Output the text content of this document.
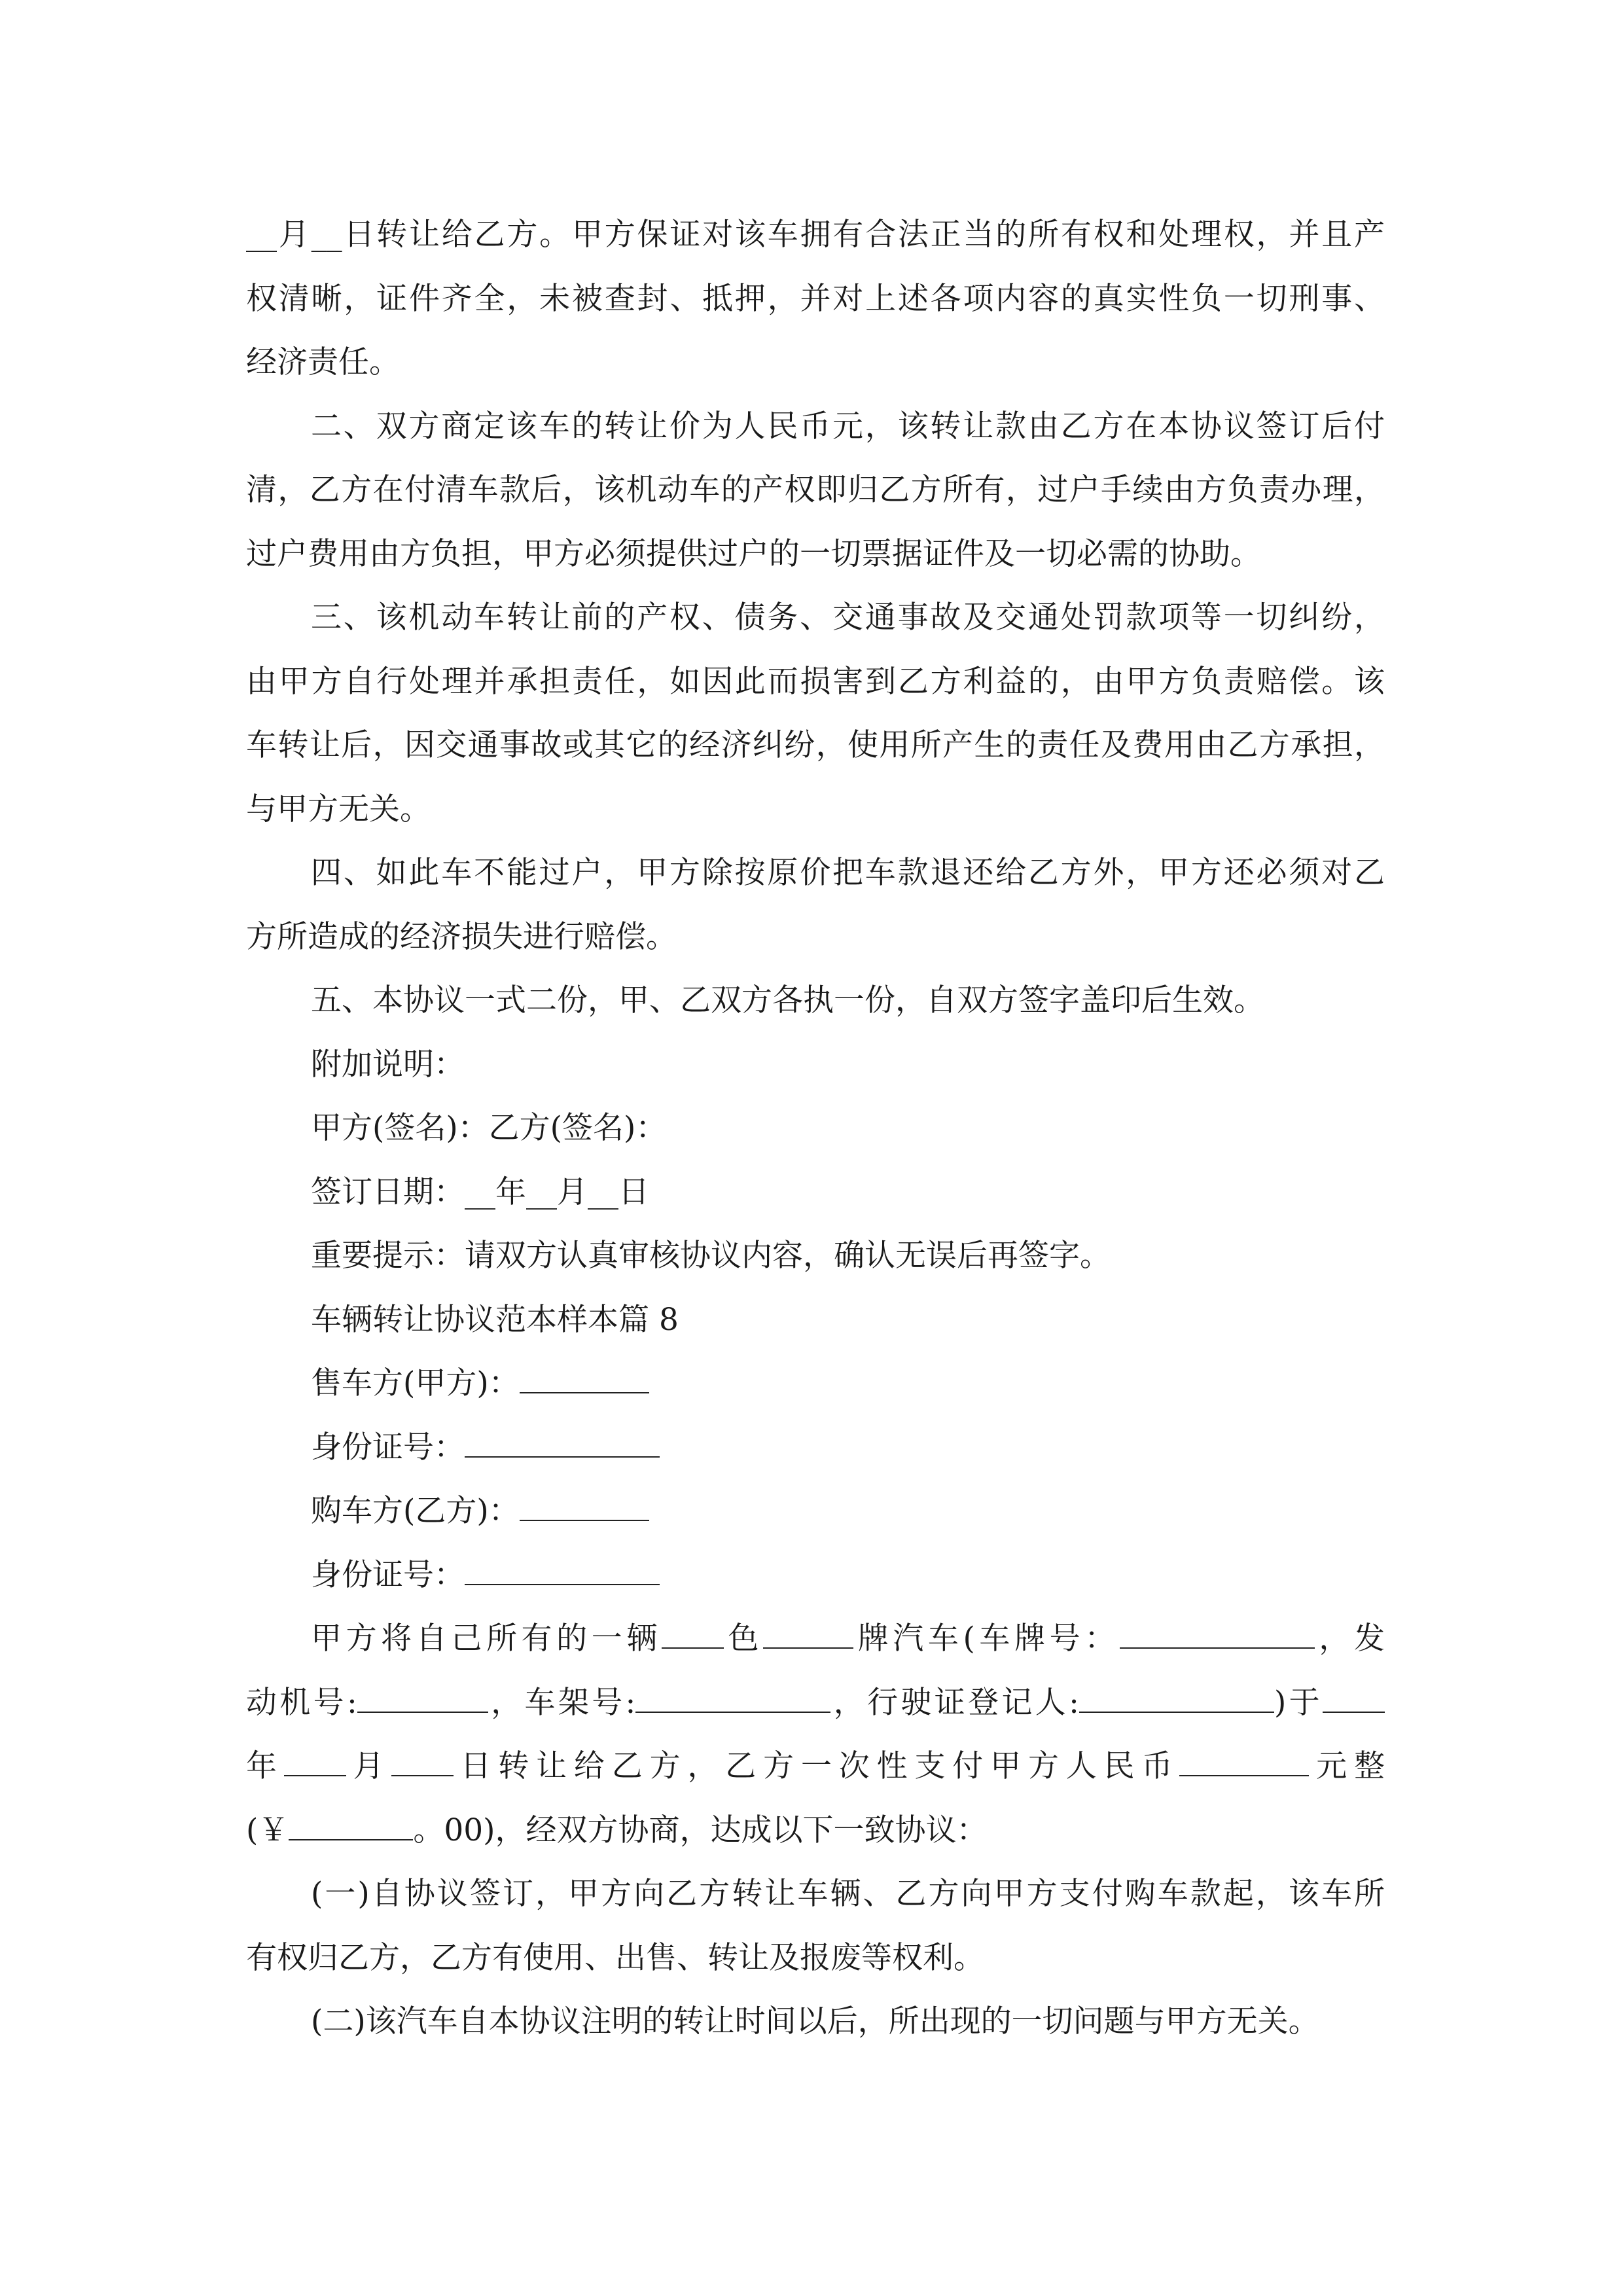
__月__日转让给乙方。甲方保证对该车拥有合法正当的所有权和处理权，并且产
权清晰，证件齐全，未被查封、抵押，并对上述各项内容的真实性负一切刑事、
经济责任。
二、双方商定该车的转让价为人民币元，该转让款由乙方在本协议签订后付
清，乙方在付清车款后，该机动车的产权即归乙方所有，过户手续由方负责办理，
过户费用由方负担，甲方必须提供过户的一切票据证件及一切必需的协助。
三、该机动车转让前的产权、债务、交通事故及交通处罚款项等一切纠纷，
由甲方自行处理并承担责任，如因此而损害到乙方利益的，由甲方负责赔偿。该
车转让后，因交通事故或其它的经济纠纷，使用所产生的责任及费用由乙方承担，
与甲方无关。
四、如此车不能过户，甲方除按原价把车款退还给乙方外，甲方还必须对乙
方所造成的经济损失进行赔偿。
五、本协议一式二份，甲、乙双方各执一份，自双方签字盖印后生效。
附加说明：
甲方(签名)：乙方(签名)：
签订日期：__年__月__日
重要提示：请双方认真审核协议内容，确认无误后再签字。
车辆转让协议范本样本篇 8
售车方(甲方)：
身份证号：
购车方(乙方)：
身份证号：
甲方将自己所有的一辆 色	牌汽车(车牌号：	，发
动机号:	，车架号:	，行驶证登记人:	)于
年 月 日转让给乙方，乙方一次性支付甲方人民币	元整
(￥	。00)，经双方协商，达成以下一致协议：
(一)自协议签订，甲方向乙方转让车辆、乙方向甲方支付购车款起，该车所
有权归乙方，乙方有使用、出售、转让及报废等权利。
(二)该汽车自本协议注明的转让时间以后，所出现的一切问题与甲方无关。
